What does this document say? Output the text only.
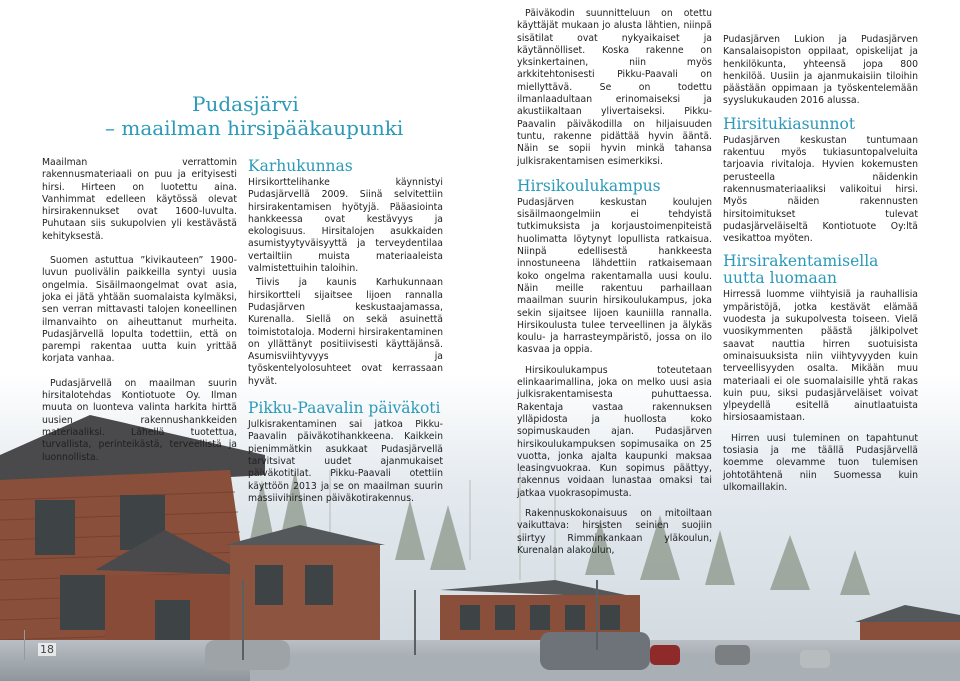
18
Pudasjärvi
– maailman hirsipääkaupunki

Maailman verrattomin rakennusmateriaali on puu ja erityisesti hirsi. Hirteen on luotettu aina. Vanhimmat edelleen käytössä olevat hirsirakennukset ovat 1600-luvulta. Puhutaan siis sukupolvien yli kestävästä kehityksestä.

Suomen astuttua ”kivikauteen” 1900-luvun puolivälin paikkeilla syntyi uusia ongelmia. Sisäilmaongelmat ovat asia, joka ei jätä yhtään suomalaista kylmäksi, sen verran mittavasti talojen koneellinen ilmanvaihto on aiheuttanut murheita. Pudasjärvellä lopulta todettiin, että on parempi rakentaa uutta kuin yrittää korjata vanhaa.

Pudasjärvellä on maailman suurin hirsitalotehdas Kontiotuote Oy. Ilman muuta on luonteva valinta harkita hirttä uusien rakennushankkeiden materiaaliksi. Lähellä tuotettua, turvallista, perinteikästä, terveellistä ja luonnollista.

Karhukunnas

Hirsikorttelihanke käynnistyi Pudasjärvellä 2009. Siinä selvitettiin hirsirakentamisen hyötyjä. Pääasiointa hankkeessa ovat kestävyys ja ekologisuus. Hirsitalojen asukkaiden asumistyytyväisyyttä ja terveydentilaa vertailtiin muista materiaaleista valmistettuihin taloihin.

Tiivis ja kaunis Karhukunnaan hirsikortteli sijaitsee lijoen rannalla Pudasjärven keskustaajamassa, Kurenalla. Siellä on sekä asuinettä toimistotaloja. Moderni hirsirakentaminen on yllättänyt positiivisesti käyttäjänsä. Asumisviihtyvyys ja työskentelyolosuhteet ovat kerrassaan hyvät.

Pikku-Paavalin päiväkoti

Julkisrakentaminen sai jatkoa Pikku-Paavalin päiväkotihankkeena. Kaikkein pienimmätkin asukkaat Pudasjärvellä tarvitsivat uudet ajanmukaiset päiväkotitilat. Pikku-Paavali otettiin käyttöön 2013 ja se on maailman suurin massiivihirsinen päiväkotirakennus.

Päiväkodin suunnitteluun on otettu käyttäjät mukaan jo alusta lähtien, niinpä sisätilat ovat nykyaikaiset ja käytännölliset. Koska rakenne on yksinkertainen, niin myös arkkitehtonisesti Pikku-Paavali on miellyttävä. Se on todettu ilmanlaadultaan erinomaiseksi ja akustiikaltaan ylivertaiseksi. Pikku-Paavalin päiväkodilla on hiljaisuuden tuntu, rakenne pidättää hyvin ääntä. Näin se sopii hyvin minkä tahansa julkisrakentamisen esimerkiksi.

Hirsikoulukampus

Pudasjärven keskustan koulujen sisäilmaongelmiin ei tehdyistä tutkimuksista ja korjaustoimenpiteistä huolimatta löytynyt lopullista ratkaisua. Niinpä edellisestä hankkeesta innostuneena lähdettiin ratkaisemaan koko ongelma rakentamalla uusi koulu. Näin meille rakentuu parhaillaan maailman suurin hirsikoulukampus, joka sekin sijaitsee lijoen kauniilla rannalla. Hirsikoulusta tulee terveellinen ja älykäs koulu- ja harrasteympäristö, jossa on ilo kasvaa ja oppia.

Hirsikoulukampus toteutetaan elinkaarimallina, joka on melko uusi asia julkisrakentamisesta puhuttaessa. Rakentaja vastaa rakennuksen ylläpidosta ja huollosta koko sopimuskauden ajan. Pudasjärven hirsikoulukampuksen sopimusaika on 25 vuotta, jonka ajalta kaupunki maksaa leasingvuokraa. Kun sopimus päättyy, rakennus voidaan lunastaa omaksi tai jatkaa vuokrasopimusta.

Rakennuskokonaisuus on mitoiltaan vaikuttava: hirsisten seinien suojiin siirtyy Rimminkankaan yläkoulun, Kurenalan alakoulun,

Pudasjärven Lukion ja Pudasjärven Kansalaisopiston oppilaat, opiskelijat ja henkilökunta, yhteensä jopa 800 henkilöä. Uusiin ja ajanmukaisiin tiloihin päästään oppimaan ja työskentelemään syyslukukauden 2016 alussa.

Hirsitukiasunnot

Pudasjärven keskustan tuntumaan rakentuu myös tukiasuntopalveluita tarjoavia rivitaloja. Hyvien kokemusten perusteella näidenkin rakennusmateriaaliksi valikoitui hirsi. Myös näiden rakennusten hirsitoimitukset tulevat pudasjärveläiseltä Kontiotuote Oy:ltä vesikattoa myöten.

Hirsirakentamisella
uutta luomaan

Hirressä luomme viihtyisiä ja rauhallisia ympäristöjä, jotka kestävät elämää vuodesta ja sukupolvesta toiseen. Vielä vuosikymmenten päästä jälkipolvet saavat nauttia hirren suotuisista ominaisuuksista niin viihtyvyyden kuin terveellisyyden osalta. Mikään muu materiaali ei ole suomalaisille yhtä rakas kuin puu, siksi pudasjärveläiset voivat ylpeydellä esitellä ainutlaatuista hirsiosaamistaan.

Hirren uusi tuleminen on tapahtunut tosiasia ja me täällä Pudasjärvellä koemme olevamme tuon tulemisen johtotähtenä niin Suomessa kuin ulkomaillakin.
